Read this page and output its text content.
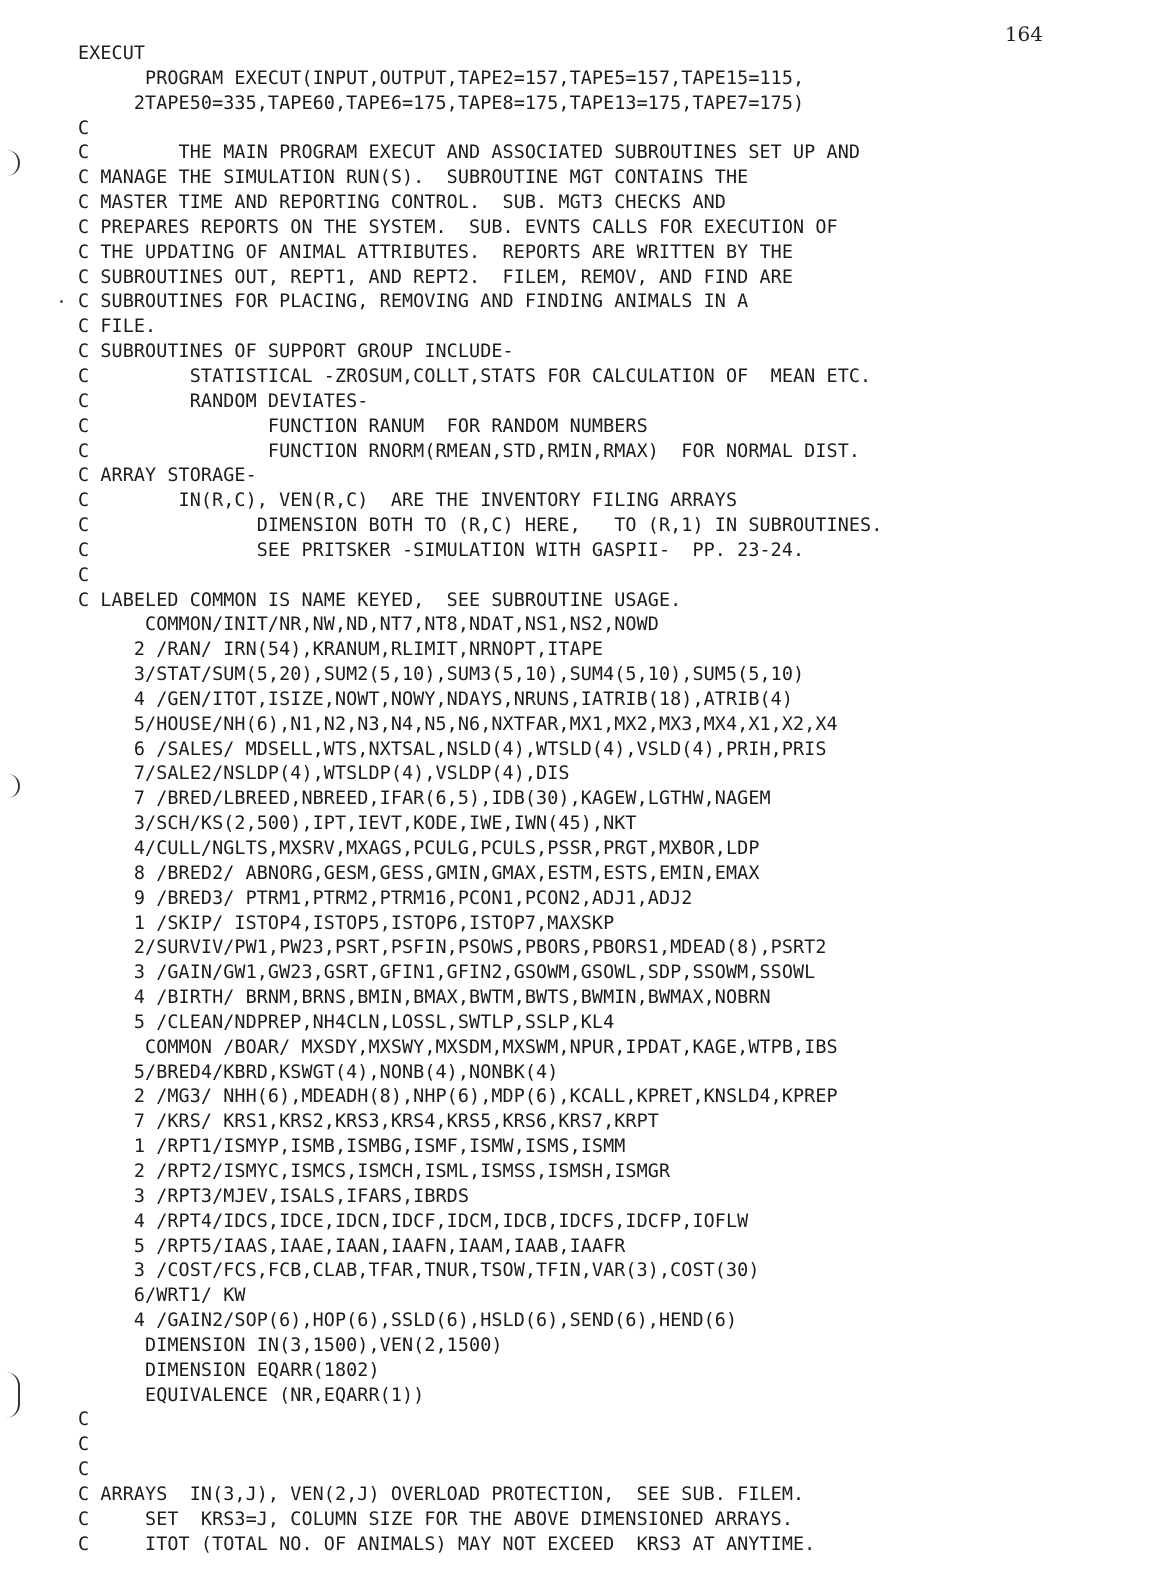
164
EXECUT
PROGRAM EXECUT(INPUT,OUTPUT,TAPE2=157,TAPE5=157,TAPE15=115,
2TAPE50=335,TAPE60,TAPE6=175,TAPE8=175,TAPE13=175,TAPE7=175)
C
C        THE MAIN PROGRAM EXECUT AND ASSOCIATED SUBROUTINES SET UP AND
C MANAGE THE SIMULATION RUN(S).  SUBROUTINE MGT CONTAINS THE
C MASTER TIME AND REPORTING CONTROL.  SUB. MGT3 CHECKS AND
C PREPARES REPORTS ON THE SYSTEM.  SUB. EVNTS CALLS FOR EXECUTION OF
C THE UPDATING OF ANIMAL ATTRIBUTES.  REPORTS ARE WRITTEN BY THE
C SUBROUTINES OUT, REPT1, AND REPT2.  FILEM, REMOV, AND FIND ARE
C SUBROUTINES FOR PLACING, REMOVING AND FINDING ANIMALS IN A
C FILE.
C SUBROUTINES OF SUPPORT GROUP INCLUDE-
C         STATISTICAL -ZROSUM,COLLT,STATS FOR CALCULATION OF  MEAN ETC.
C         RANDOM DEVIATES-
C                FUNCTION RANUM  FOR RANDOM NUMBERS
C                FUNCTION RNORM(RMEAN,STD,RMIN,RMAX)  FOR NORMAL DIST.
C ARRAY STORAGE-
C        IN(R,C), VEN(R,C)  ARE THE INVENTORY FILING ARRAYS
C               DIMENSION BOTH TO (R,C) HERE,   TO (R,1) IN SUBROUTINES.
C               SEE PRITSKER -SIMULATION WITH GASPII-  PP. 23-24.
C
C LABELED COMMON IS NAME KEYED,  SEE SUBROUTINE USAGE.
COMMON/INIT/NR,NW,ND,NT7,NT8,NDAT,NS1,NS2,NOWD
2 /RAN/ IRN(54),KRANUM,RLIMIT,NRNOPT,ITAPE
3/STAT/SUM(5,20),SUM2(5,10),SUM3(5,10),SUM4(5,10),SUM5(5,10)
4 /GEN/ITOT,ISIZE,NOWT,NOWY,NDAYS,NRUNS,IATRIB(18),ATRIB(4)
5/HOUSE/NH(6),N1,N2,N3,N4,N5,N6,NXTFAR,MX1,MX2,MX3,MX4,X1,X2,X4
6 /SALES/ MDSELL,WTS,NXTSAL,NSLD(4),WTSLD(4),VSLD(4),PRIH,PRIS
7/SALE2/NSLDP(4),WTSLDP(4),VSLDP(4),DIS
7 /BRED/LBREED,NBREED,IFAR(6,5),IDB(30),KAGEW,LGTHW,NAGEM
3/SCH/KS(2,500),IPT,IEVT,KODE,IWE,IWN(45),NKT
4/CULL/NGLTS,MXSRV,MXAGS,PCULG,PCULS,PSSR,PRGT,MXBOR,LDP
8 /BRED2/ ABNORG,GESM,GESS,GMIN,GMAX,ESTM,ESTS,EMIN,EMAX
9 /BRED3/ PTRM1,PTRM2,PTRM16,PCON1,PCON2,ADJ1,ADJ2
1 /SKIP/ ISTOP4,ISTOP5,ISTOP6,ISTOP7,MAXSKP
2/SURVIV/PW1,PW23,PSRT,PSFIN,PSOWS,PBORS,PBORS1,MDEAD(8),PSRT2
3 /GAIN/GW1,GW23,GSRT,GFIN1,GFIN2,GSOWM,GSOWL,SDP,SSOWM,SSOWL
4 /BIRTH/ BRNM,BRNS,BMIN,BMAX,BWTM,BWTS,BWMIN,BWMAX,NOBRN
5 /CLEAN/NDPREP,NH4CLN,LOSSL,SWTLP,SSLP,KL4
COMMON /BOAR/ MXSDY,MXSWY,MXSDM,MXSWM,NPUR,IPDAT,KAGE,WTPB,IBS
5/BRED4/KBRD,KSWGT(4),NONB(4),NONBK(4)
2 /MG3/ NHH(6),MDEADH(8),NHP(6),MDP(6),KCALL,KPRET,KNSLD4,KPREP
7 /KRS/ KRS1,KRS2,KRS3,KRS4,KRS5,KRS6,KRS7,KRPT
1 /RPT1/ISMYP,ISMB,ISMBG,ISMF,ISMW,ISMS,ISMM
2 /RPT2/ISMYC,ISMCS,ISMCH,ISML,ISMSS,ISMSH,ISMGR
3 /RPT3/MJEV,ISALS,IFARS,IBRDS
4 /RPT4/IDCS,IDCE,IDCN,IDCF,IDCM,IDCB,IDCFS,IDCFP,IOFLW
5 /RPT5/IAAS,IAAE,IAAN,IAAFN,IAAM,IAAB,IAAFR
3 /COST/FCS,FCB,CLAB,TFAR,TNUR,TSOW,TFIN,VAR(3),COST(30)
6/WRT1/ KW
4 /GAIN2/SOP(6),HOP(6),SSLD(6),HSLD(6),SEND(6),HEND(6)
DIMENSION IN(3,1500),VEN(2,1500)
DIMENSION EQARR(1802)
EQUIVALENCE (NR,EQARR(1))
C
C
C
C ARRAYS  IN(3,J), VEN(2,J) OVERLOAD PROTECTION,  SEE SUB. FILEM.
C     SET  KRS3=J, COLUMN SIZE FOR THE ABOVE DIMENSIONED ARRAYS.
C     ITOT (TOTAL NO. OF ANIMALS) MAY NOT EXCEED  KRS3 AT ANYTIME.
